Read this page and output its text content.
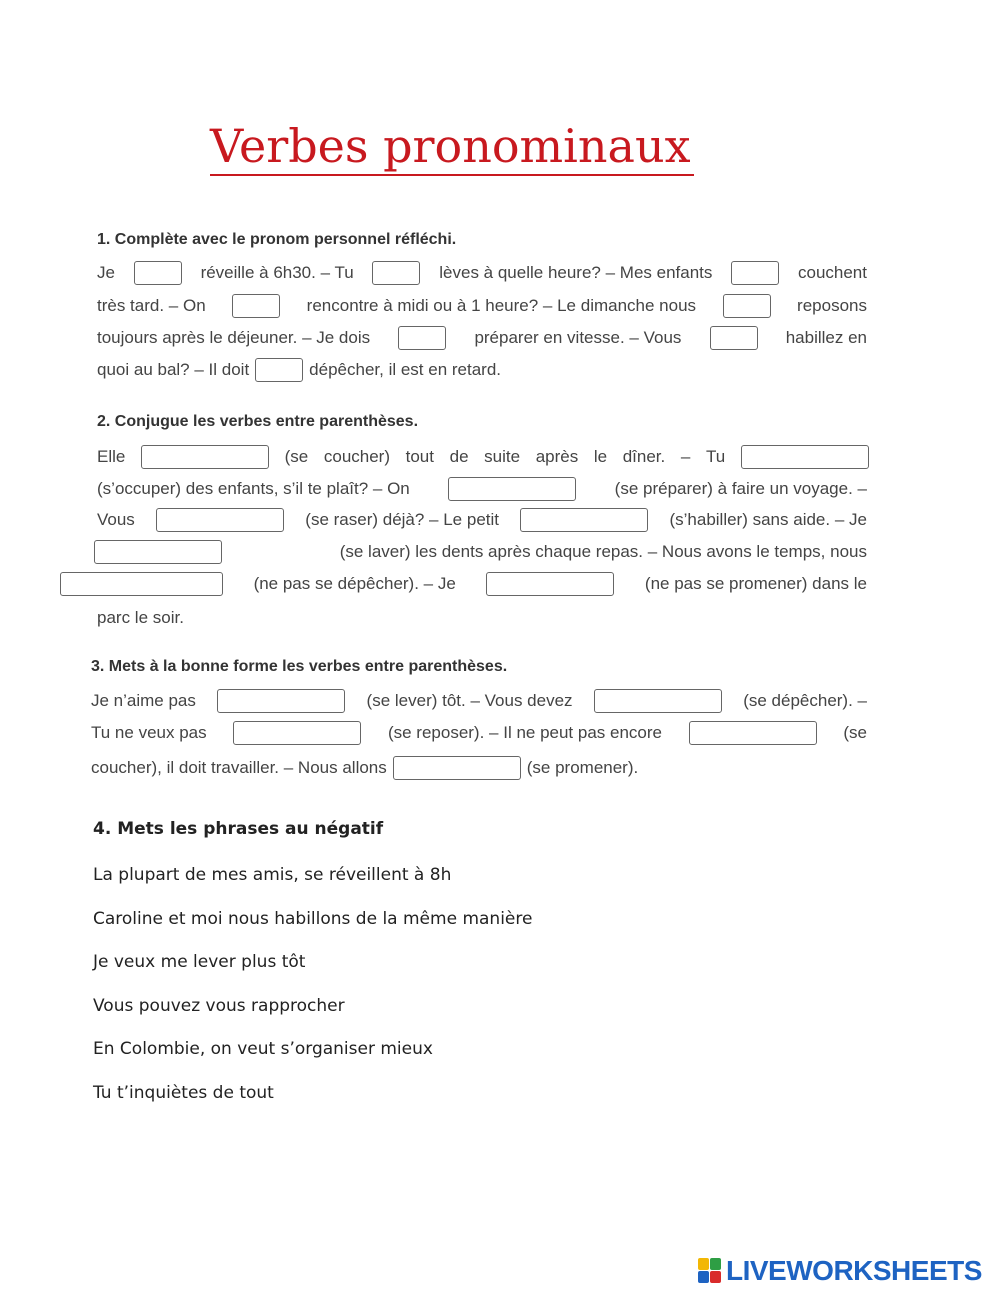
Verbes pronominaux
1. Complète avec le pronom personnel réfléchi.
Je	réveille à 6h30. – Tu	lèves à quelle heure? – Mes enfants	couchent
très tard. – On	rencontre à midi ou à 1 heure? – Le dimanche nous	reposons
toujours après le déjeuner. – Je dois	préparer en vitesse. – Vous	habillez en
quoi au bal? – Il doit	dépêcher, il est en retard.
2. Conjugue les verbes entre parenthèses.
Elle	(se coucher) tout de suite après le dîner. – Tu
(s’occuper) des enfants, s’il te plaît? – On	(se préparer) à faire un voyage. –
Vous	(se raser) déjà? – Le petit	(s’habiller) sans aide. – Je
(se laver) les dents après chaque repas. – Nous avons le temps, nous
(ne pas se dépêcher). – Je	(ne pas se promener) dans le
parc le soir.
3. Mets à la bonne forme les verbes entre parenthèses.
Je n’aime pas	(se lever) tôt. – Vous devez	(se dépêcher). –
Tu ne veux pas	(se reposer). – Il ne peut pas encore	(se
coucher), il doit travailler. – Nous allons	(se promener).
4. Mets les phrases au négatif
La plupart de mes amis, se réveillent à 8h
Caroline et moi nous habillons de la même manière
Je veux me lever plus tôt
Vous pouvez vous rapprocher
En Colombie, on veut s’organiser mieux
Tu t’inquiètes de tout
LIVEWORKSHEETS
